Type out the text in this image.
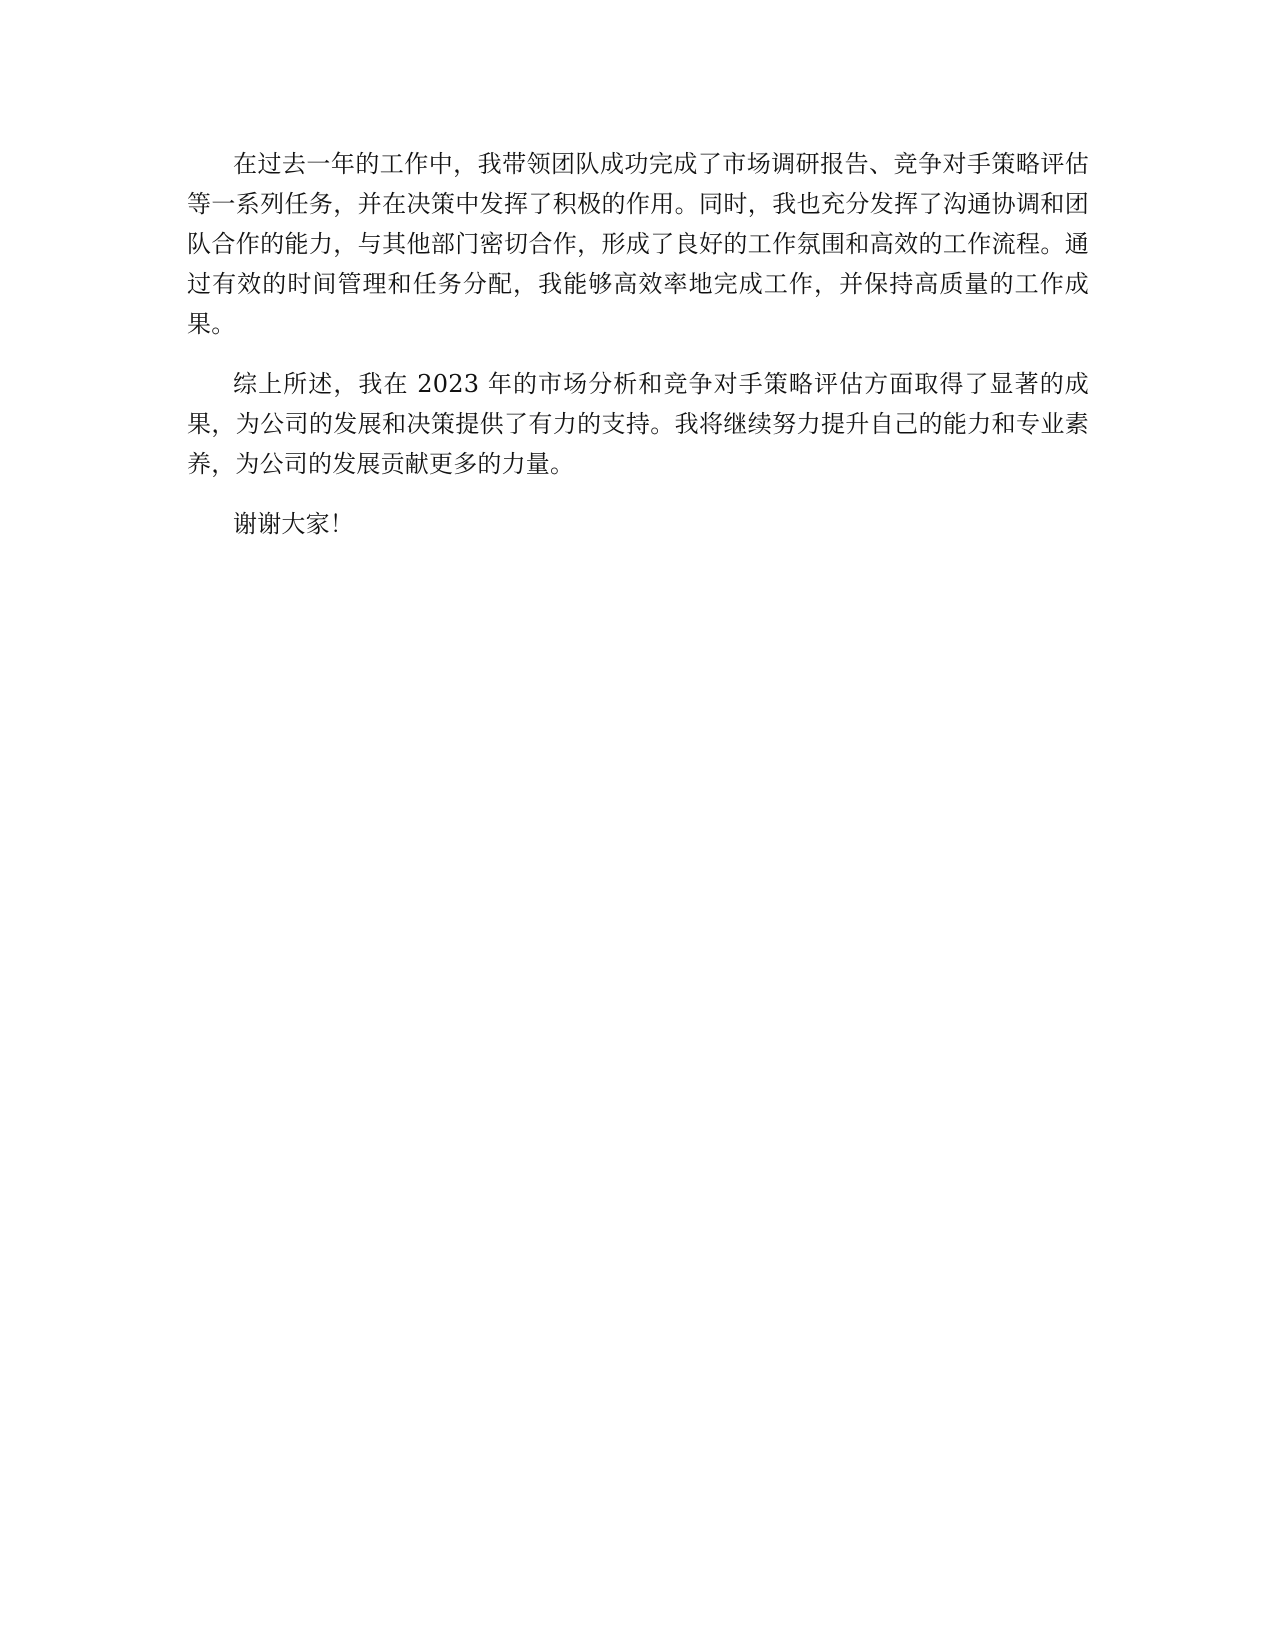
在过去一年的工作中，我带领团队成功完成了市场调研报告、竞争对手策略评估等一系列任务，并在决策中发挥了积极的作用。同时，我也充分发挥了沟通协调和团队合作的能力，与其他部门密切合作，形成了良好的工作氛围和高效的工作流程。通过有效的时间管理和任务分配，我能够高效率地完成工作，并保持高质量的工作成果。

综上所述，我在 2023 年的市场分析和竞争对手策略评估方面取得了显著的成果，为公司的发展和决策提供了有力的支持。我将继续努力提升自己的能力和专业素养，为公司的发展贡献更多的力量。

谢谢大家！
